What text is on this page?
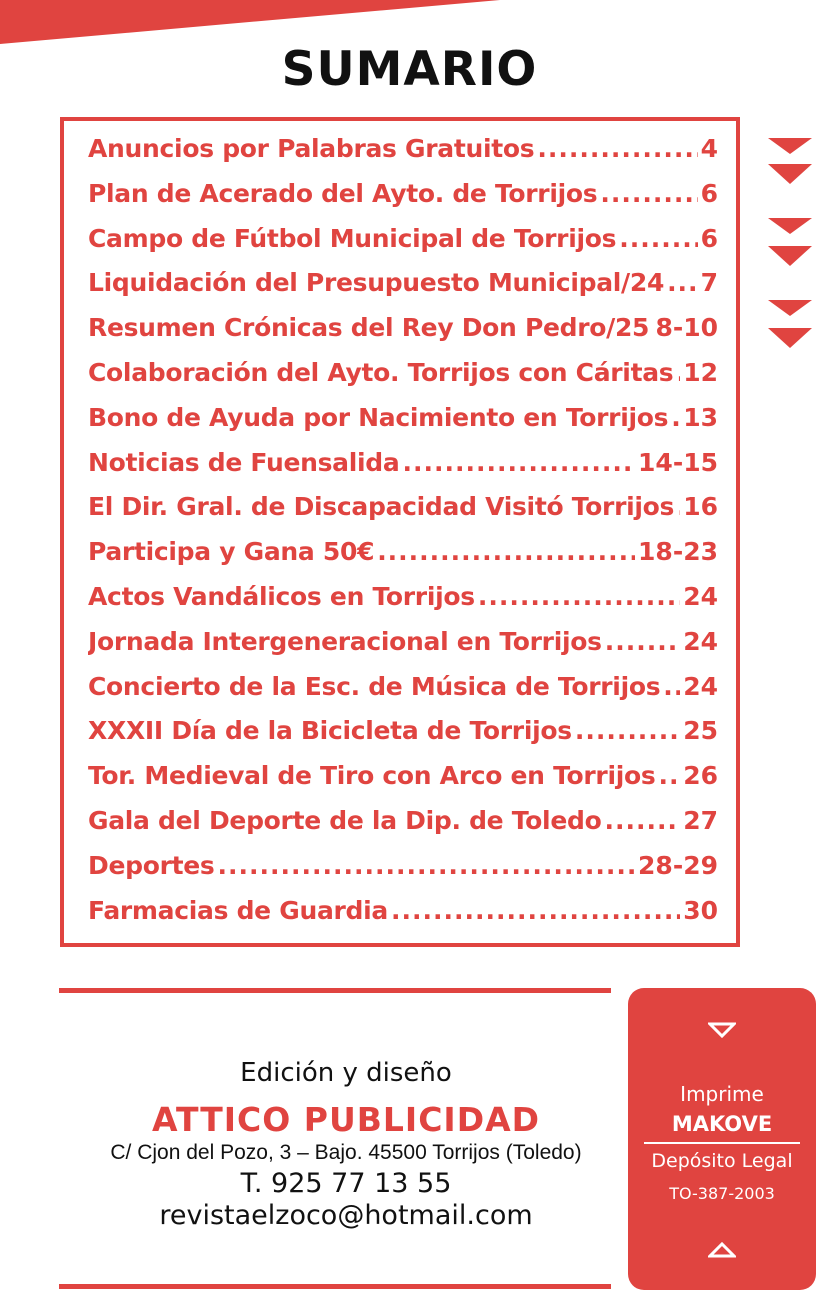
SUMARIO
Anuncios por Palabras Gratuitos .....	4
Plan de Acerado del Ayto. de Torrijos .....	6
Campo de Fútbol Municipal de Torrijos .....	6
Liquidación del Presupuesto Municipal/24 ..... 7
Resumen Crónicas del Rey Don Pedro/25 ..... 8-10
Colaboración del Ayto. Torrijos con Cáritas ..... 12
Bono de Ayuda por Nacimiento en Torrijos ..... 13
Noticias de Fuensalida .....	14-15
El Dir. Gral. de Discapacidad Visitó Torrijos ..... 16
Participa y Gana 50€ .....	18-23
Actos Vandálicos en Torrijos .....	24
Jornada Intergeneracional en Torrijos .....	24
Concierto de la Esc. de Música de Torrijos ..... 24
XXXII Día de la Bicicleta de Torrijos .....	25
Tor. Medieval de Tiro con Arco en Torrijos ..... 26
Gala del Deporte de la Dip. de Toledo .....	27
Deportes .....	28-29
Farmacias de Guardia .....	30
Edición y diseño
ATTICO PUBLICIDAD
C/ Cjon del Pozo, 3 – Bajo. 45500 Torrijos (Toledo)
T. 925 77 13 55
revistaelzoco@hotmail.com
Imprime
MAKOVE
Depósito Legal
TO-387-2003
